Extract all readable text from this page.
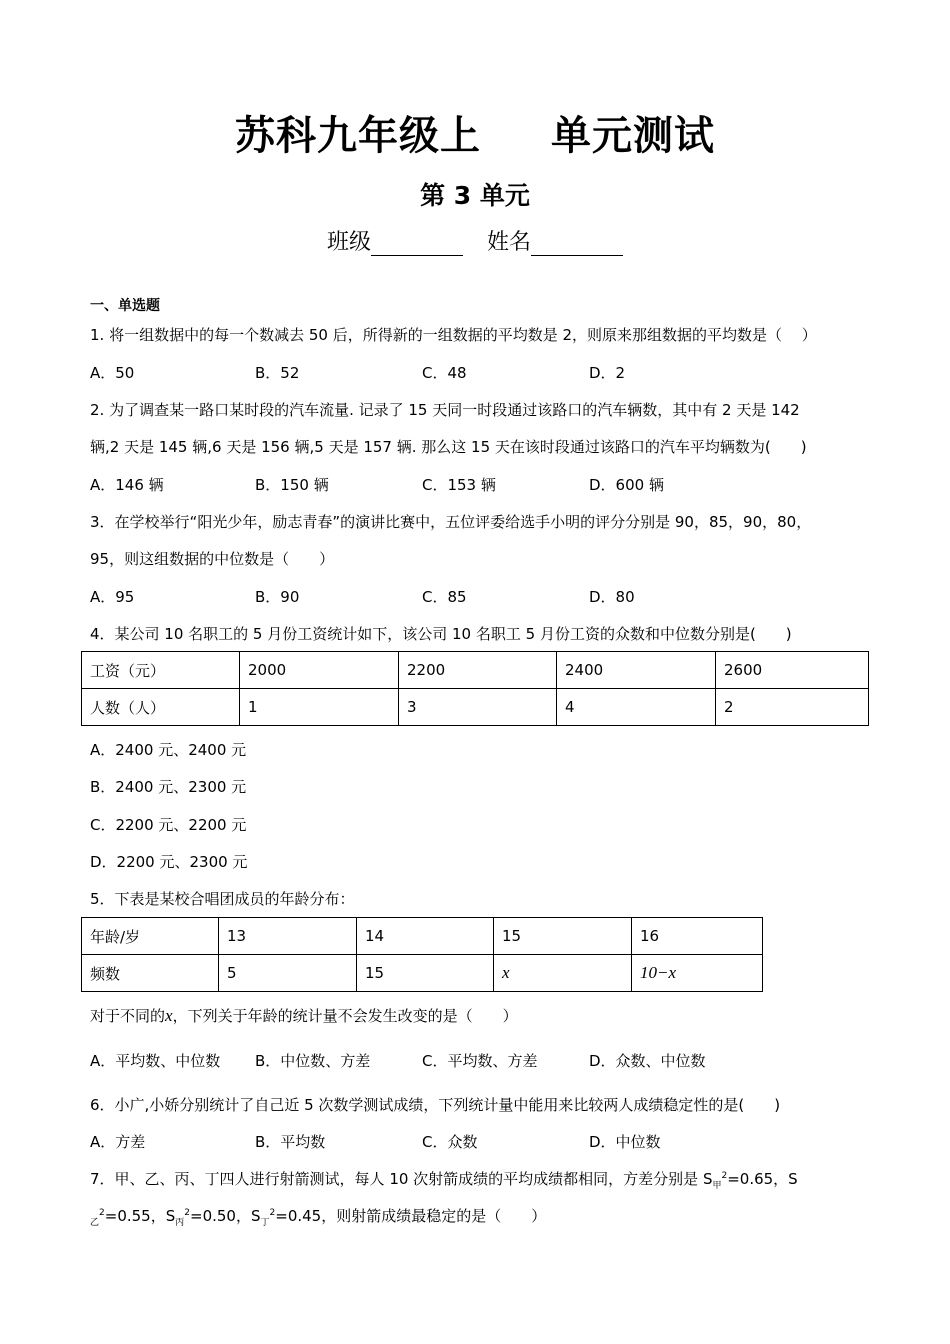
苏科九年级上 单元测试
第 3 单元
班级	姓名
一、单选题
1. 将一组数据中的每一个数减去 50 后，所得新的一组数据的平均数是 2，则原来那组数据的平均数是（　 ）
A．50	B．52	C．48	D．2
2. 为了调查某一路口某时段的汽车流量. 记录了 15 天同一时段通过该路口的汽车辆数，其中有 2 天是 142
辆,2 天是 145 辆,6 天是 156 辆,5 天是 157 辆. 那么这 15 天在该时段通过该路口的汽车平均辆数为(　　)
A．146 辆	B．150 辆	C．153 辆	D．600 辆
3．在学校举行“阳光少年，励志青春”的演讲比赛中，五位评委给选手小明的评分分别是 90，85，90，80，
95，则这组数据的中位数是（　　）
A．95	B．90	C．85	D．80
4．某公司 10 名职工的 5 月份工资统计如下，该公司 10 名职工 5 月份工资的众数和中位数分别是(　　)
工资（元）	2000	2200	2400	2600
人数（人）	1	3	4	2
A．2400 元、2400 元
B．2400 元、2300 元
C．2200 元、2200 元
D．2200 元、2300 元
5．下表是某校合唱团成员的年龄分布：
年龄/岁	13	14	15	16
频数	5	15	x	10−x
对于不同的x，下列关于年龄的统计量不会发生改变的是（　　）
A．平均数、中位数 B．中位数、方差	C．平均数、方差	D．众数、中位数
6．小广,小娇分别统计了自己近 5 次数学测试成绩，下列统计量中能用来比较两人成绩稳定性的是(　　)
A．方差	B．平均数	C．众数	D．中位数
7．甲、乙、丙、丁四人进行射箭测试，每人 10 次射箭成绩的平均成绩都相同，方差分别是 $S_甲^2=0.65$，S
$_乙^2$=0.55，$S_丙^2=0.50$，$S_丁^2=0.45$，则射箭成绩最稳定的是（　　）
